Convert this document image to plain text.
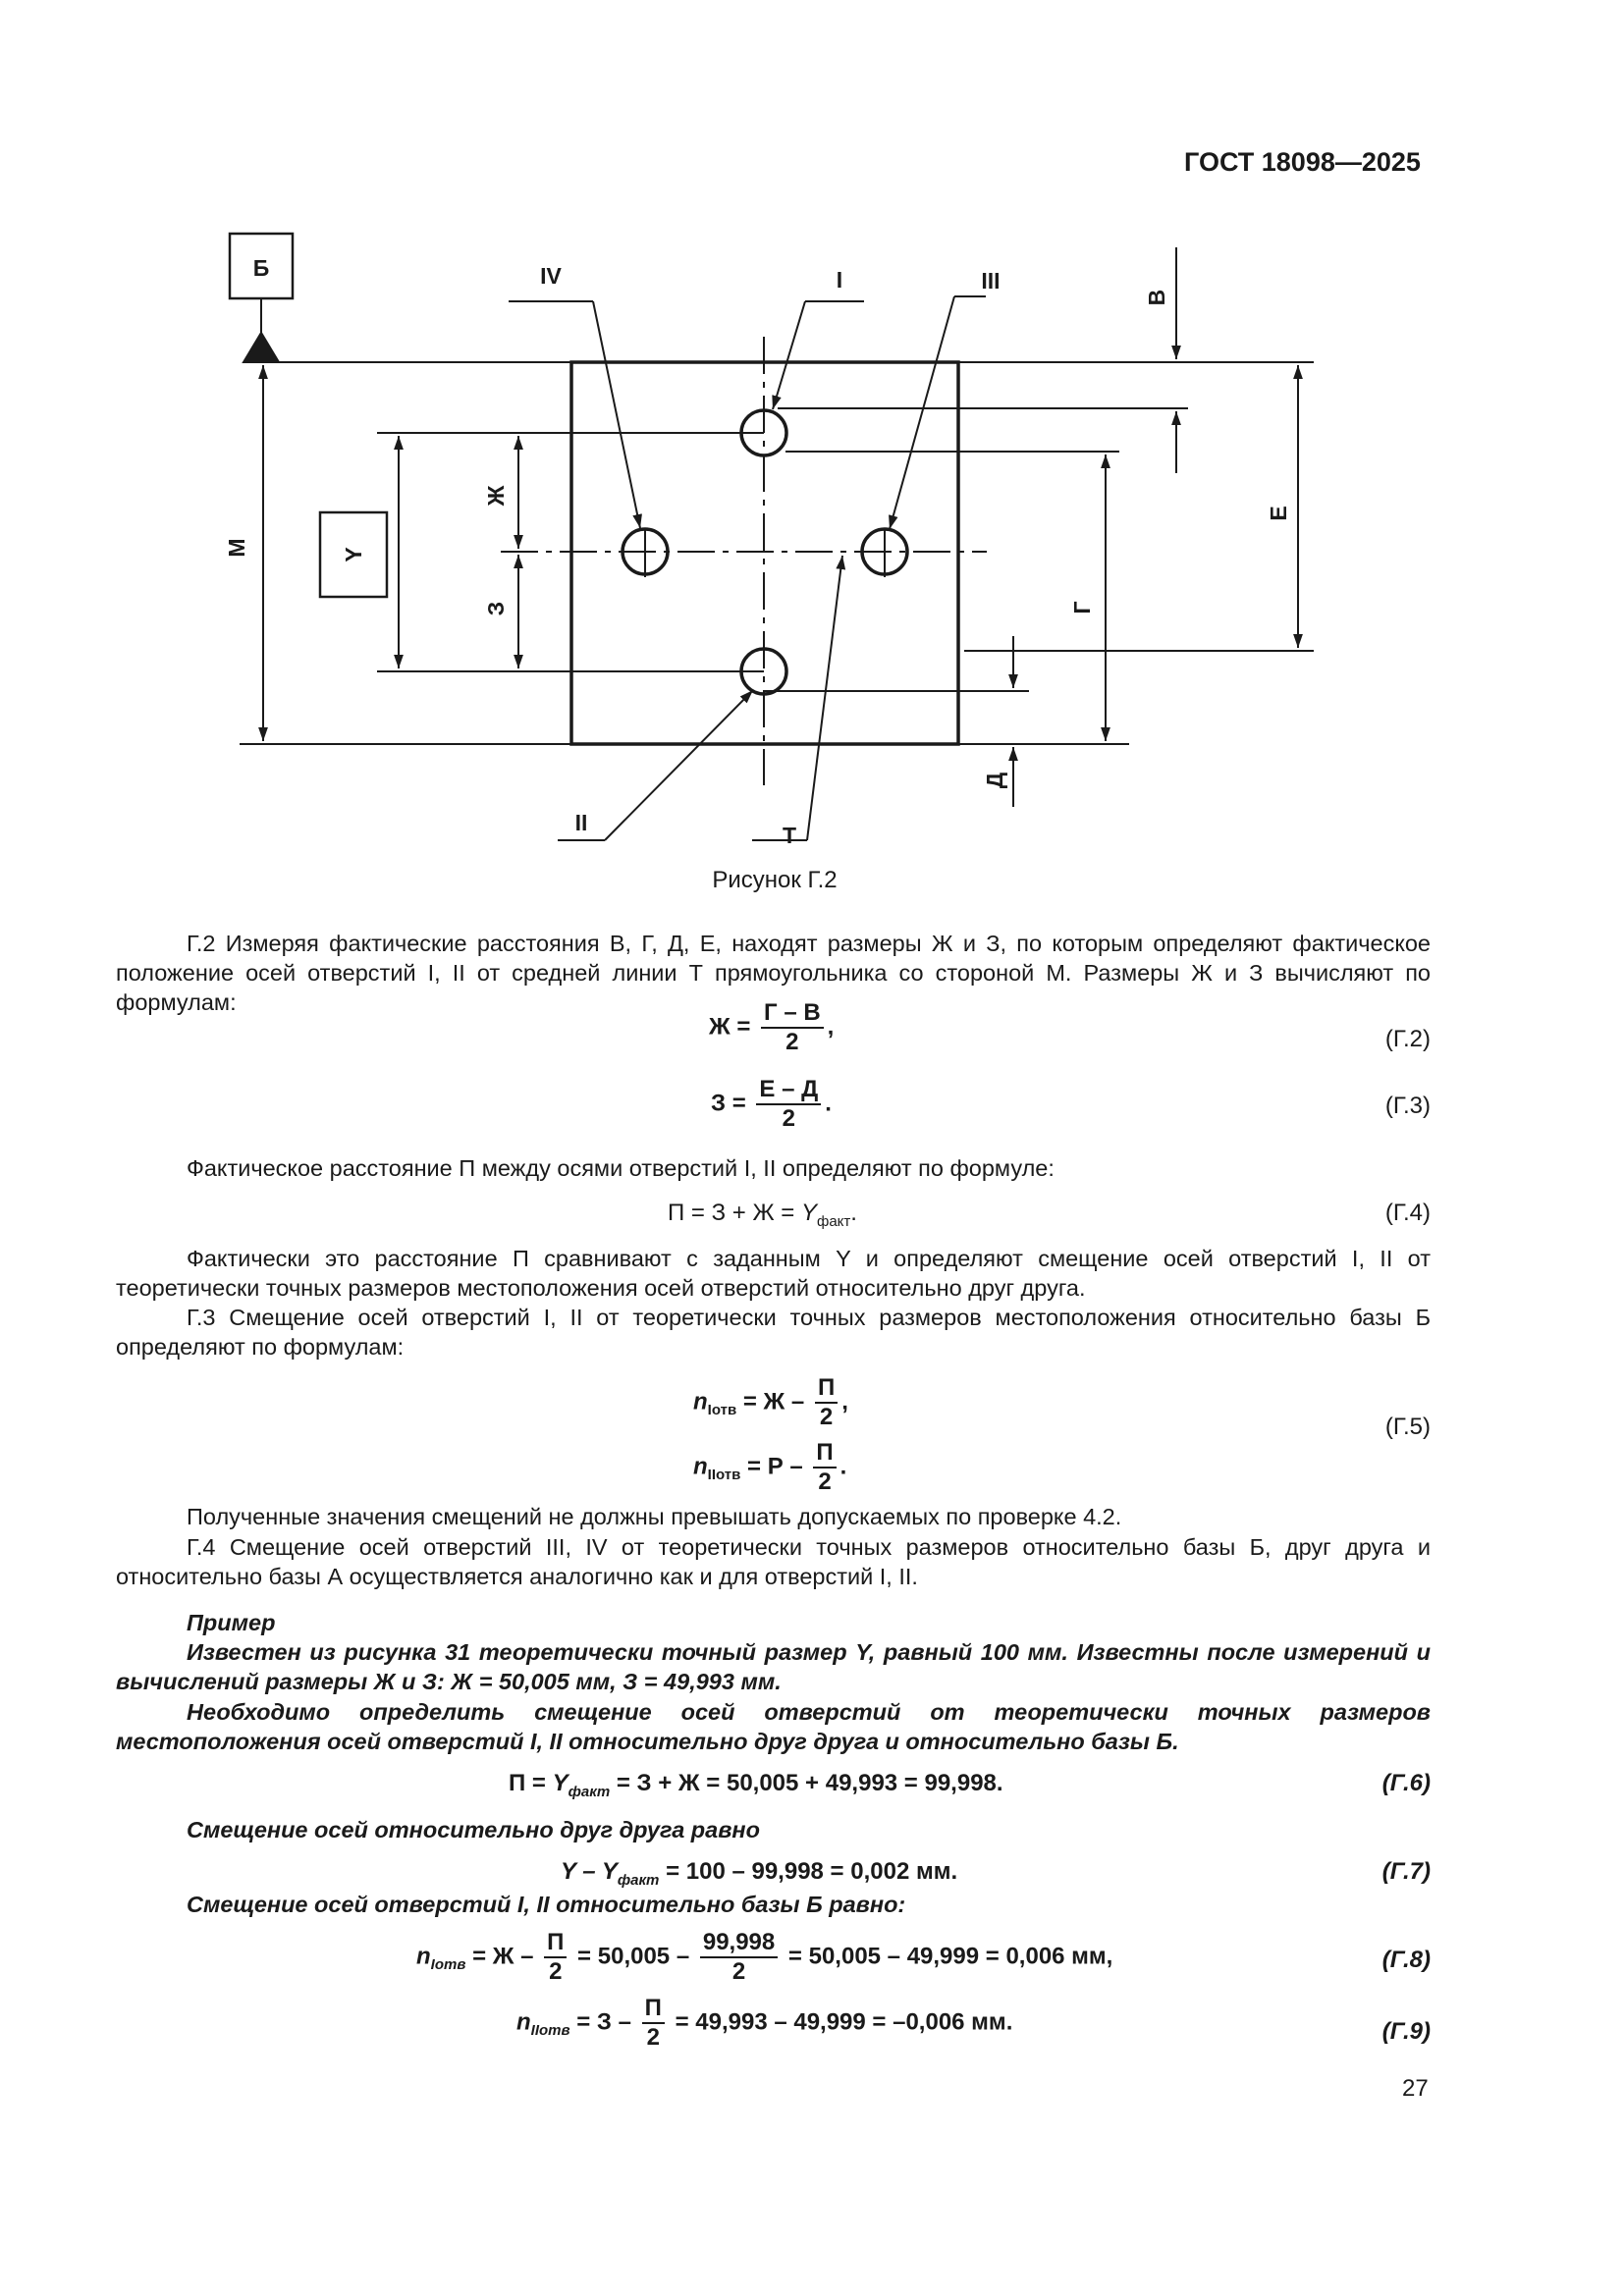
ГОСТ 18098—2025
Б	IV	I	III
II	T
В
Е
Г
Д
М
Ж
З
Y
Рисунок Г.2
Г.2 Измеряя фактические расстояния В, Г, Д, Е, находят размеры Ж и З, по которым определяют фактическое положение осей отверстий I, II от средней линии Т прямоугольника со стороной М. Размеры Ж и З вычисляют по формулам:
$Ж = \frac{Г - В}{2}$ ,	(Г.2)
$З = \frac{Е - Д}{2}$ .	(Г.3)
Фактическое расстояние П между осями отверстий I, II определяют по формуле:
$П = З + Ж = Y_{факт}$.	(Г.4)
Фактически это расстояние П сравнивают с заданным Y и определяют смещение осей отверстий I, II от теоретически точных размеров местоположения осей отверстий относительно друг друга.
Г.3 Смещение осей отверстий I, II от теоретически точных размеров местоположения относительно базы Б определяют по формулам:
$n_{Iотв} = Ж - \frac{П}{2}$ ,
$n_{IIотв} = Р - \frac{П}{2}$ .
(Г.5)
Полученные значения смещений не должны превышать допускаемых по проверке 4.2.
Г.4 Смещение осей отверстий III, IV от теоретически точных размеров относительно базы Б, друг друга и относительно базы А осуществляется аналогично как и для отверстий I, II.
Пример
Известен из рисунка 31 теоретически точный размер Y, равный 100 мм. Известны после измерений и вычислений размеры Ж и З: Ж = 50,005 мм, З = 49,993 мм.
Необходимо определить смещение осей отверстий от теоретически точных размеров местоположения осей отверстий I, II относительно друг друга и относительно базы Б.
$П = Y_{факт} = З + Ж = 50,005 + 49,993 = 99,998$.	(Г.6)
Смещение осей относительно друг друга равно
$Y - Y_{факт} = 100 - 99,998 = 0,002$ мм.	(Г.7)
Смещение осей отверстий I, II относительно базы Б равно:
$n_{Iотв} = Ж - \frac{П}{2} = 50,005 - \frac{99,998}{2} = 50,005 - 49,999 = 0,006$ мм,	(Г.8)
$n_{IIотв} = З - \frac{П}{2} = 49,993 - 49,999 = -0,006$ мм.	(Г.9)
27
